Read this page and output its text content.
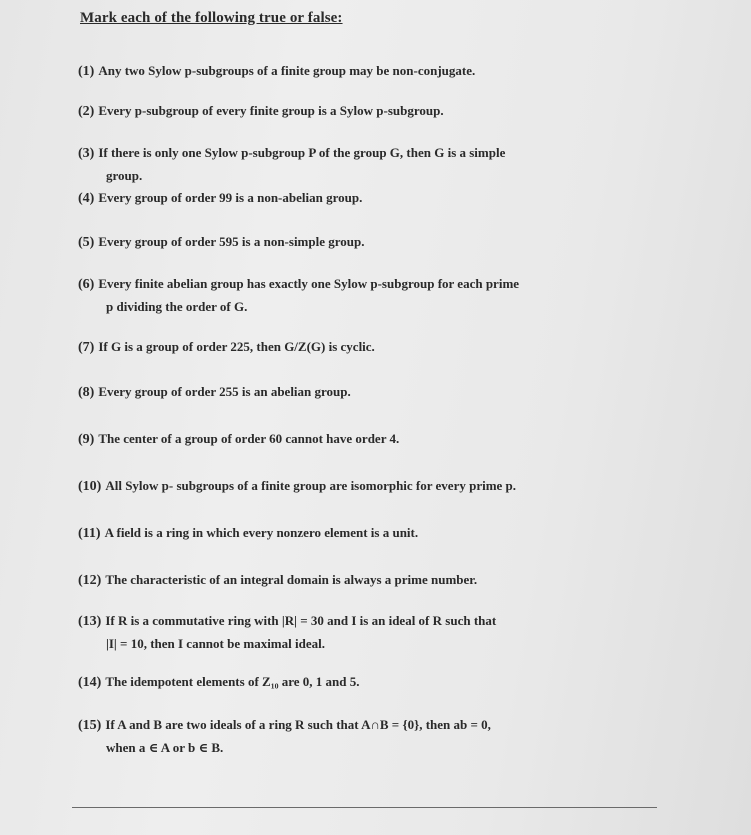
Mark each of the following true or false:
(1) Any two Sylow p-subgroups of a finite group may be non-conjugate.
(2) Every p-subgroup of every finite group is a Sylow p-subgroup.
(3) If there is only one Sylow p-subgroup P of the group G, then G is a simple
group.
(4) Every group of order 99 is a non-abelian group.
(5) Every group of order 595 is a non-simple group.
(6) Every finite abelian group has exactly one Sylow p-subgroup for each prime
p dividing the order of G.
(7) If G is a group of order 225, then G/Z(G) is cyclic.
(8) Every group of order 255 is an abelian group.
(9) The center of a group of order 60 cannot have order 4.
(10) All Sylow p- subgroups of a finite group are isomorphic for every prime p.
(11) A field is a ring in which every nonzero element is a unit.
(12) The characteristic of an integral domain is always a prime number.
(13) If R is a commutative ring with |R| = 30 and I is an ideal of R such that
|I| = 10, then I cannot be maximal ideal.
(14) The idempotent elements of Z₁₀ are 0, 1 and 5.
(15) If A and B are two ideals of a ring R such that A∩B = {0}, then ab = 0,
when a ∈ A or b ∈ B.
